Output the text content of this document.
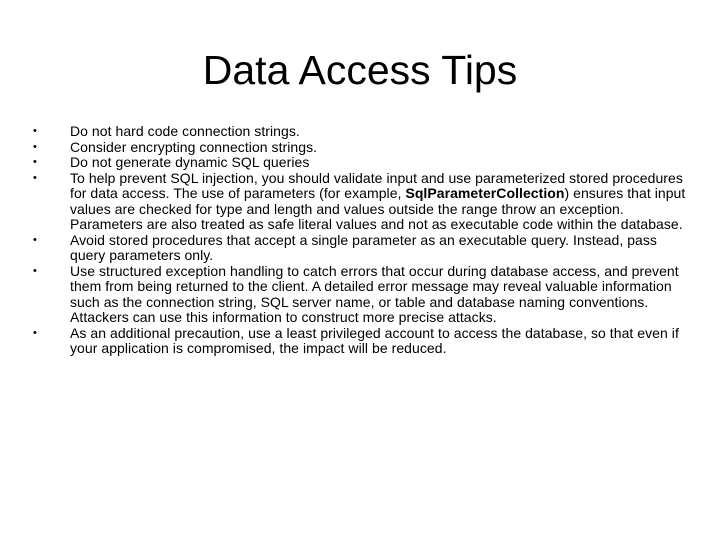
Data Access Tips
• Do not hard code connection strings.
• Consider encrypting connection strings.
• Do not generate dynamic SQL queries
• To help prevent SQL injection, you should validate input and use parameterized stored procedures for data access. The use of parameters (for example, SqlParameterCollection) ensures that input values are checked for type and length and values outside the range throw an exception. Parameters are also treated as safe literal values and not as executable code within the database.
• Avoid stored procedures that accept a single parameter as an executable query. Instead, pass query parameters only.
• Use structured exception handling to catch errors that occur during database access, and prevent them from being returned to the client. A detailed error message may reveal valuable information such as the connection string, SQL server name, or table and database naming conventions. Attackers can use this information to construct more precise attacks.
• As an additional precaution, use a least privileged account to access the database, so that even if your application is compromised, the impact will be reduced.
